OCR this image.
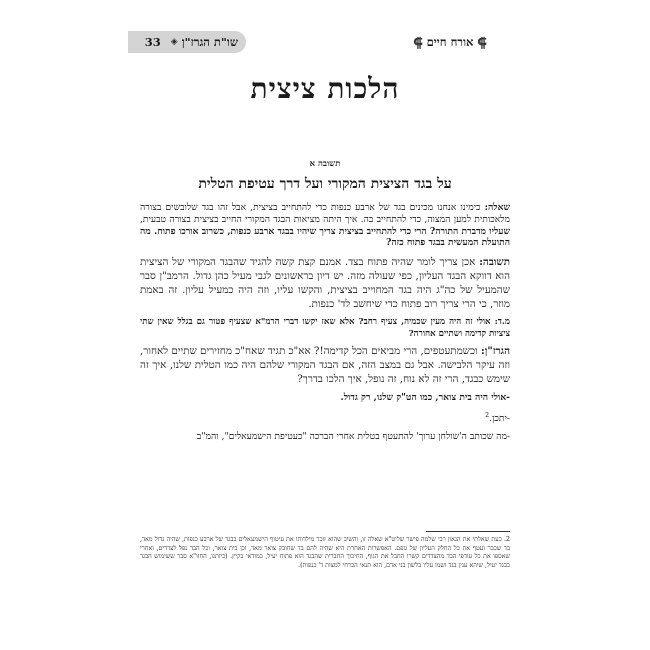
שו"ת הגרז"ן
◈
33	⸿
אורח חיים
⸿
הלכות ציצית
תשובה א
על בגד הציצית המקורי ועל דרך עטיפת הטלית

שאלה: כימינו אנחנו מכינים בגד של ארבע כנפות כדי להתחייב בציצית, אבל זהו בגד שלובשים בצורה מלאכותית למען המצוה, כדי להתחייב בה. איך היתה מציאות הבגד המקורי החייב בציצית בצורה טבעית, שעליו מדברת התורה? הרי כדי להתחייב בציצית צריך שיהיו בבגד ארבע כנפות, כשרוב אורכו פתוח. מה התועלת המעשית בבגד פתוח כזה?

תשובה: אכן צריך לומר שהיה פתוח בצד. אמנם קצת קשה להגיד שהבגד המקורי של הציצית הוא דווקא הבגד העליון, כפי שעולה מזה. יש דיון בראשונים לגבי מעיל כהן גדול. הרמב"ן סבר שהמעיל של כה"ג היה בגד המחוייב בציצית, והקשו עליו, וזה היה כמעיל עליון. זה באמת מוזר, כי הרי צריך רוב פתוח כדי שיחשב לד' כנפות.

מ.ד: אולי זה היה מעין שכמיה, צעיף רחב? אלא שאז יקשו דברי הרמ"א שצעיף פטור גם בגלל שאין שתי ציציות קדימה ושתיים אחורה?

הגרז"ן: וכשמתעטפים, הרי מביאים הכל קדימה!? אא"כ תגיד שאח"כ מחזירים שתיים לאחור, וזה עיקר הלבישה. אבל גם במצב הזה, אם הבגד המקורי שלהם היה כמו הטלית שלנו, איך זה שימש כבגד, הרי זה לא נוח, זה נופל, איך הלכו בדרך?

-אולי היה בית צואר, כמו הט"ק שלנו, רק גדול.

-יתכן.$^2$

-מה שכותב ה'שולחן ערוך' להתעטף בטלית אחרי הברכה "כעטיפת הישמעאלים", והמ"ב

2. כעת שאלתי את הגאון רבי שלמה פישר שליט"א שאלה זו, והשיב שהוא זוכר מילדותו את עיטוף הישמעאלים בבגד של ארבע כנפות, שהיה גדול מאד, בד שכבר ועטף את כל החלק העליון של גופם. האפשרות האחרת היא שהיה להם בד שחובק צואר מאד, וכן בית צואר, וכל הבד נפל לצדדים, ואחרי שאספו את כל עודפי הבד מהצדדים קשרו החבל את הגוף, החיכוך החברית שהבגד הוא פתוח יעיל, כמודאי בקיץ. (כיותנו, החזו"א סבר ששימוש הבגד כבגד יעיל, שיהא ענין בגד ושמו עליו בלשון בני אדם, הוא תנאי הכרחי למצות ד' כנפות).
